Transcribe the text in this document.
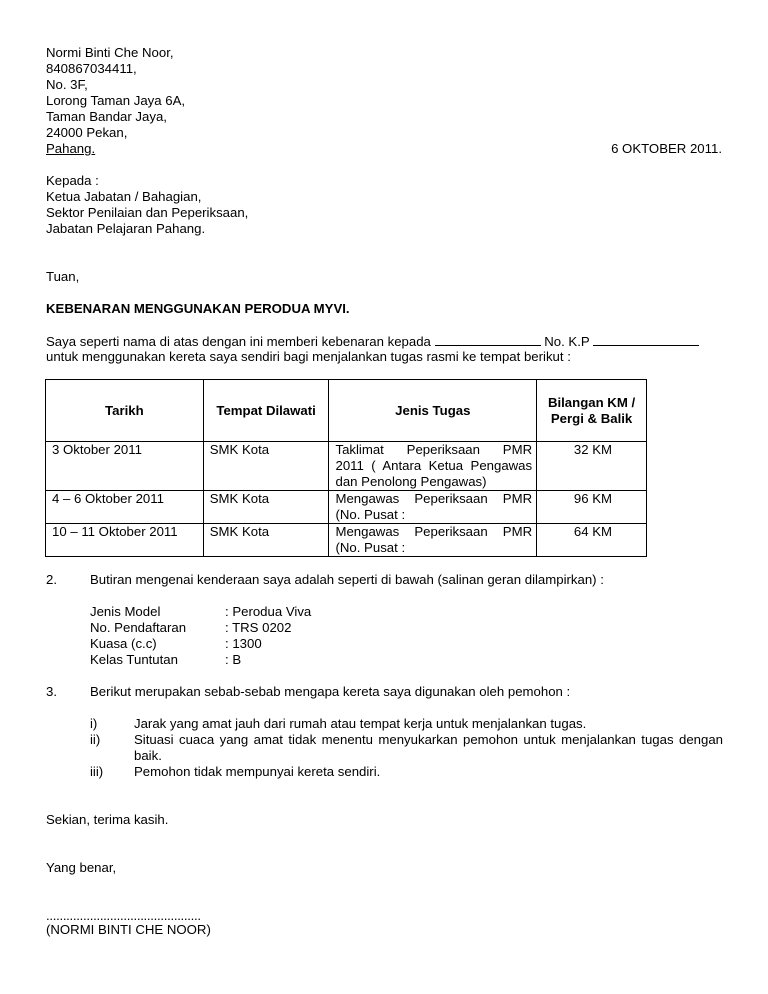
Normi Binti Che Noor,
840867034411,
No. 3F,
Lorong Taman Jaya 6A,
Taman Bandar Jaya,
24000 Pekan,
Pahang.	6 OKTOBER 2011.
Kepada :
Ketua Jabatan / Bahagian,
Sektor Penilaian dan Peperiksaan,
Jabatan Pelajaran Pahang.
Tuan,
KEBENARAN MENGGUNAKAN PERODUA MYVI.
Saya seperti nama di atas dengan ini memberi kebenaran kepada	No. K.P
untuk menggunakan kereta saya sendiri bagi menjalankan tugas rasmi ke tempat berikut :
Tarikh	Tempat Dilawati	Jenis Tugas	Bilangan KM /
Pergi & Balik

3 Oktober 2011	SMK Kota	Taklimat Peperiksaan PMR
2011 ( Antara Ketua Pengawas
dan Penolong Pengawas)	32 KM
4 – 6 Oktober 2011	SMK Kota	Mengawas Peperiksaan PMR
(No. Pusat :	96 KM
10 – 11 Oktober 2011	SMK Kota	Mengawas Peperiksaan PMR
(No. Pusat :	64 KM
2.	Butiran mengenai kenderaan saya adalah seperti di bawah (salinan geran dilampirkan) :
Jenis Model	: Perodua Viva
No. Pendaftaran	: TRS 0202
Kuasa (c.c)	: 1300
Kelas Tuntutan	: B
3.	Berikut merupakan sebab-sebab mengapa kereta saya digunakan oleh pemohon :
i)	Jarak yang amat jauh dari rumah atau tempat kerja untuk menjalankan tugas.
ii)	Situasi cuaca yang amat tidak menentu menyukarkan pemohon untuk menjalankan tugas dengan baik.
iii) Pemohon tidak mempunyai kereta sendiri.
Sekian, terima kasih.
Yang benar,
..............................................
(NORMI BINTI CHE NOOR)
